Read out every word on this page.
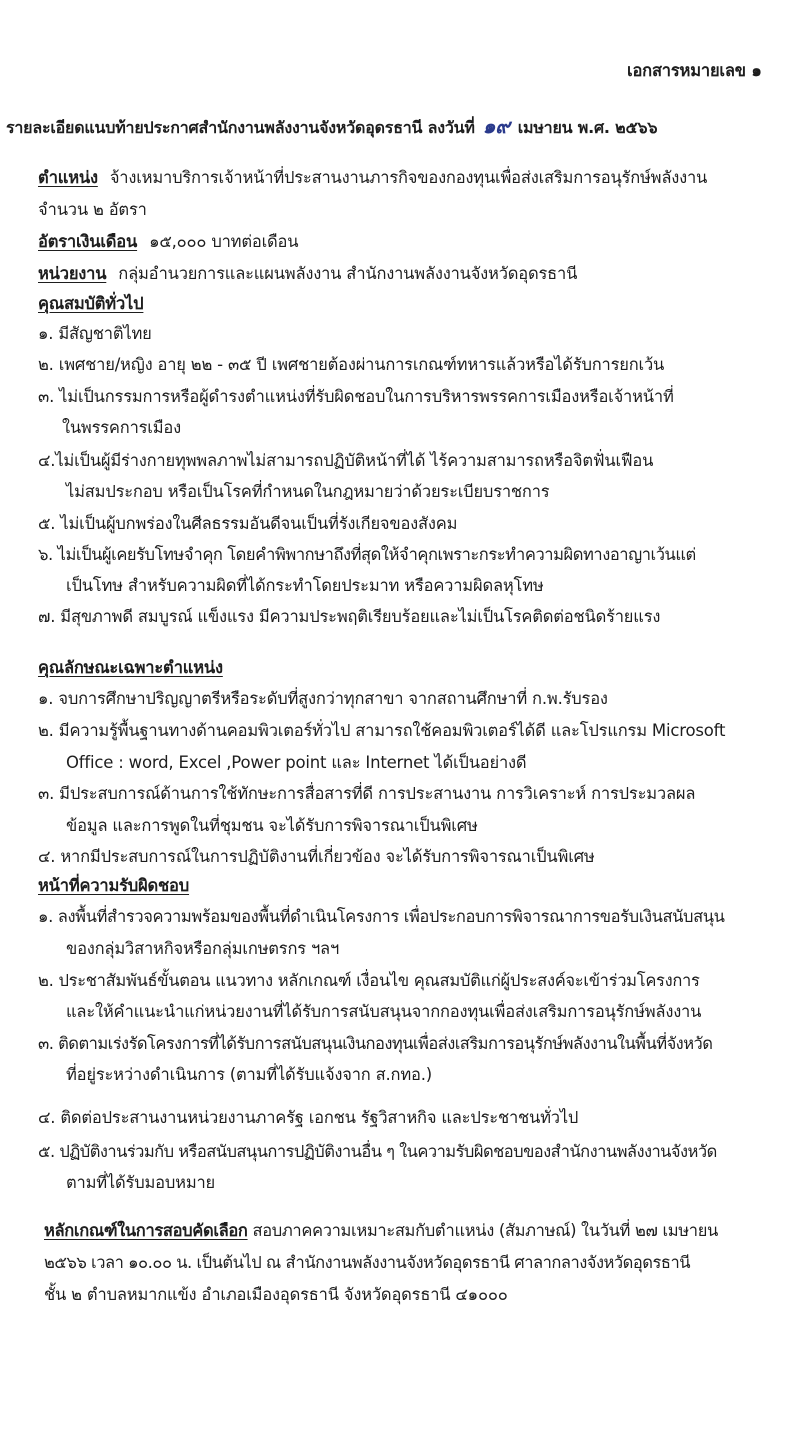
เอกสารหมายเลข ๑
รายละเอียดแนบท้ายประกาศสำนักงานพลังงานจังหวัดอุดรธานี ลงวันที่ ๑๙ เมษายน พ.ศ. ๒๕๖๖
ตำแหน่ง จ้างเหมาบริการเจ้าหน้าที่ประสานงานภารกิจของกองทุนเพื่อส่งเสริมการอนุรักษ์พลังงาน
จำนวน ๒ อัตรา
อัตราเงินเดือน ๑๕,๐๐๐ บาทต่อเดือน
หน่วยงาน กลุ่มอำนวยการและแผนพลังงาน สำนักงานพลังงานจังหวัดอุดรธานี
คุณสมบัติทั่วไป
๑. มีสัญชาติไทย
๒. เพศชาย/หญิง อายุ ๒๒ - ๓๕ ปี เพศชายต้องผ่านการเกณฑ์ทหารแล้วหรือได้รับการยกเว้น
๓. ไม่เป็นกรรมการหรือผู้ดำรงตำแหน่งที่รับผิดชอบในการบริหารพรรคการเมืองหรือเจ้าหน้าที่
ในพรรคการเมือง
๔.ไม่เป็นผู้มีร่างกายทุพพลภาพไม่สามารถปฏิบัติหน้าที่ได้ ไร้ความสามารถหรือจิตฟั่นเฟือน
ไม่สมประกอบ หรือเป็นโรคที่กำหนดในกฎหมายว่าด้วยระเบียบราชการ
๕. ไม่เป็นผู้บกพร่องในศีลธรรมอันดีจนเป็นที่รังเกียจของสังคม
๖. ไม่เป็นผู้เคยรับโทษจำคุก โดยคำพิพากษาถึงที่สุดให้จำคุกเพราะกระทำความผิดทางอาญาเว้นแต่
เป็นโทษ สำหรับความผิดที่ได้กระทำโดยประมาท หรือความผิดลหุโทษ
๗. มีสุขภาพดี สมบูรณ์ แข็งแรง มีความประพฤติเรียบร้อยและไม่เป็นโรคติดต่อชนิดร้ายแรง
คุณลักษณะเฉพาะตำแหน่ง
๑. จบการศึกษาปริญญาตรีหรือระดับที่สูงกว่าทุกสาขา จากสถานศึกษาที่ ก.พ.รับรอง
๒. มีความรู้พื้นฐานทางด้านคอมพิวเตอร์ทั่วไป สามารถใช้คอมพิวเตอร์ได้ดี และโปรแกรม Microsoft
Office : word, Excel ,Power point และ Internet ได้เป็นอย่างดี
๓. มีประสบการณ์ด้านการใช้ทักษะการสื่อสารที่ดี การประสานงาน การวิเคราะห์ การประมวลผล
ข้อมูล และการพูดในที่ชุมชน จะได้รับการพิจารณาเป็นพิเศษ
๔. หากมีประสบการณ์ในการปฏิบัติงานที่เกี่ยวข้อง จะได้รับการพิจารณาเป็นพิเศษ
หน้าที่ความรับผิดชอบ
๑. ลงพื้นที่สำรวจความพร้อมของพื้นที่ดำเนินโครงการ เพื่อประกอบการพิจารณาการขอรับเงินสนับสนุน
ของกลุ่มวิสาหกิจหรือกลุ่มเกษตรกร ฯลฯ
๒. ประชาสัมพันธ์ขั้นตอน แนวทาง หลักเกณฑ์ เงื่อนไข คุณสมบัติแก่ผู้ประสงค์จะเข้าร่วมโครงการ
และให้คำแนะนำแก่หน่วยงานที่ได้รับการสนับสนุนจากกองทุนเพื่อส่งเสริมการอนุรักษ์พลังงาน
๓. ติดตามเร่งรัดโครงการที่ได้รับการสนับสนุนเงินกองทุนเพื่อส่งเสริมการอนุรักษ์พลังงานในพื้นที่จังหวัด
ที่อยู่ระหว่างดำเนินการ (ตามที่ได้รับแจ้งจาก ส.กทอ.)
๔. ติดต่อประสานงานหน่วยงานภาครัฐ เอกชน รัฐวิสาหกิจ และประชาชนทั่วไป
๕. ปฏิบัติงานร่วมกับ หรือสนับสนุนการปฏิบัติงานอื่น ๆ ในความรับผิดชอบของสำนักงานพลังงานจังหวัด
ตามที่ได้รับมอบหมาย
หลักเกณฑ์ในการสอบคัดเลือก สอบภาคความเหมาะสมกับตำแหน่ง (สัมภาษณ์) ในวันที่ ๒๗ เมษายน
๒๕๖๖ เวลา ๑๐.๐๐ น. เป็นต้นไป ณ สำนักงานพลังงานจังหวัดอุดรธานี ศาลากลางจังหวัดอุดรธานี
ชั้น ๒ ตำบลหมากแข้ง อำเภอเมืองอุดรธานี จังหวัดอุดรธานี ๔๑๐๐๐
